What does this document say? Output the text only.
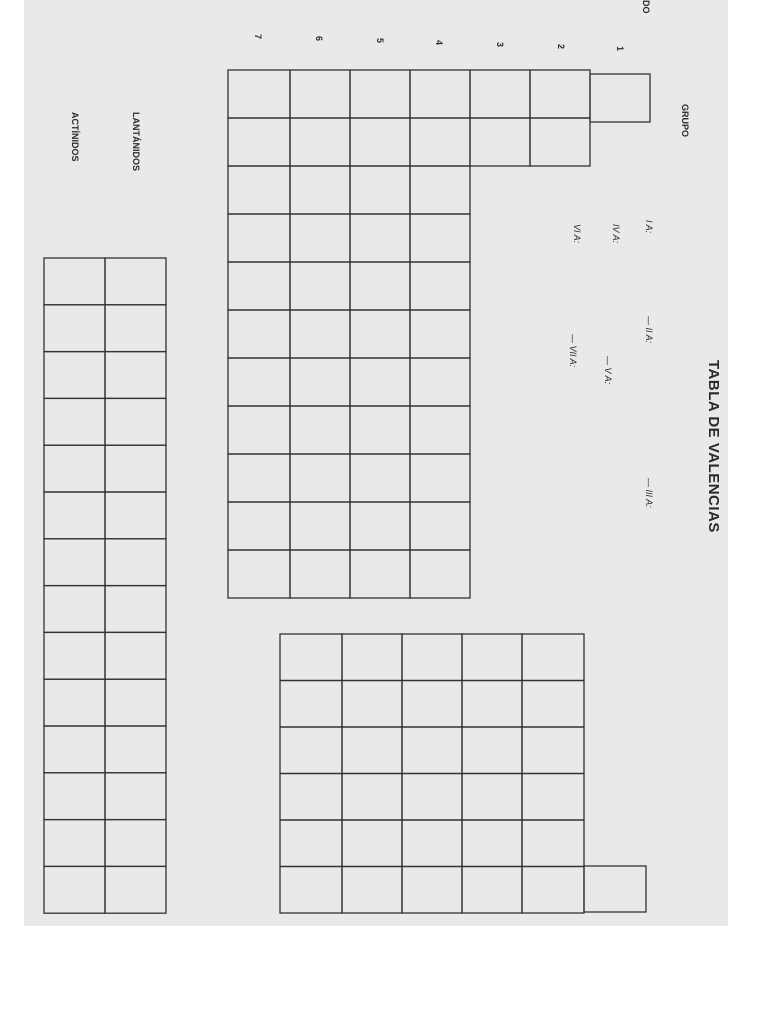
TABLA DE VALENCIAS
DO
1
2
3
4
5
6
7
GRUPO
I A:
— II A:
— III A:
IV A:
— V A:
VI A:
— VII A:
LANTÁNIDOS
ACTÍNIDOS
